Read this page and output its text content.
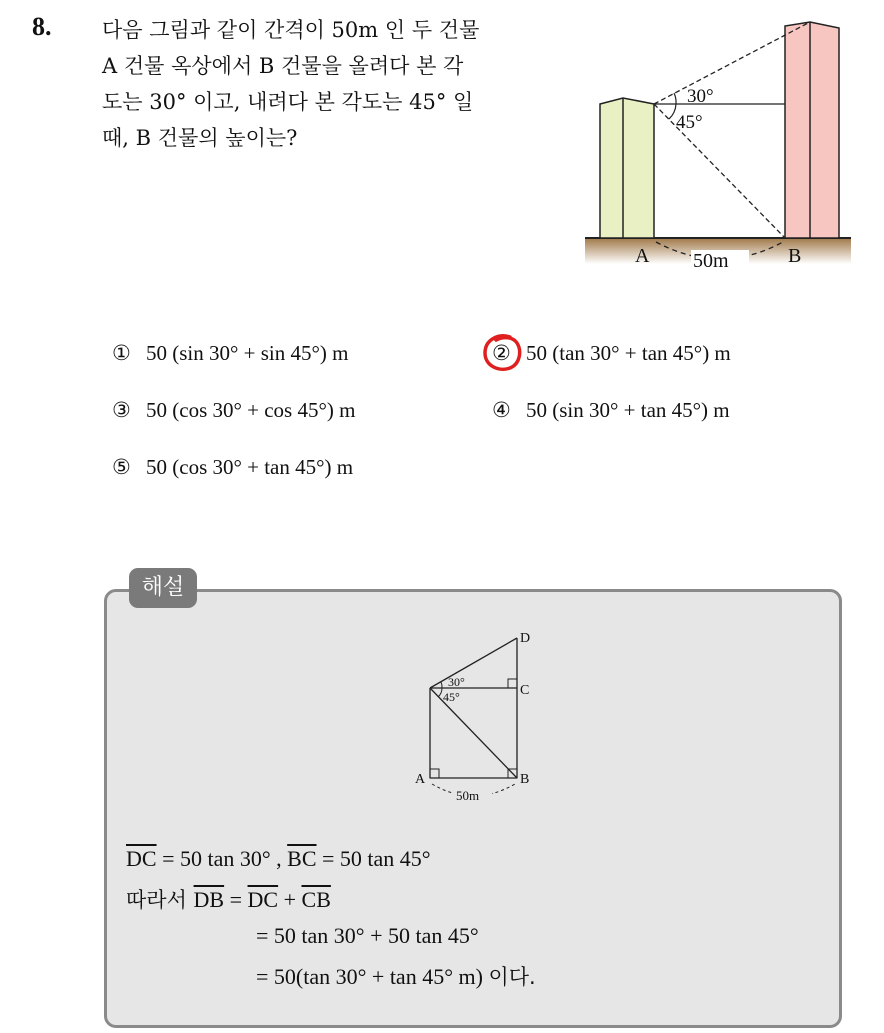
8. 다음 그림과 같이 간격이 50m 인 두 건물
A 건물 옥상에서 B 건물을 올려다 본 각
도는 30° 이고, 내려다 본 각도는 45° 일
때, B 건물의 높이는?
30°
45°
A	B
50m
① 50 (sin 30° + sin 45°) m	② 50 (tan 30° + tan 45°) m
③ 50 (cos 30° + cos 45°) m	④ 50 (sin 30° + tan 45°) m
⑤ 50 (cos 30° + tan 45°) m
해설
30°
45°
D
C
A	B
50m
$\overline{DC} = 50$ tan 30° , $\overline{BC} = 50$ tan 45°
따라서 $\overline{DB} = \overline{DC} + \overline{CB}$
= 50 tan 30° + 50 tan 45°
= 50(tan 30° + tan 45° m) 이다.
